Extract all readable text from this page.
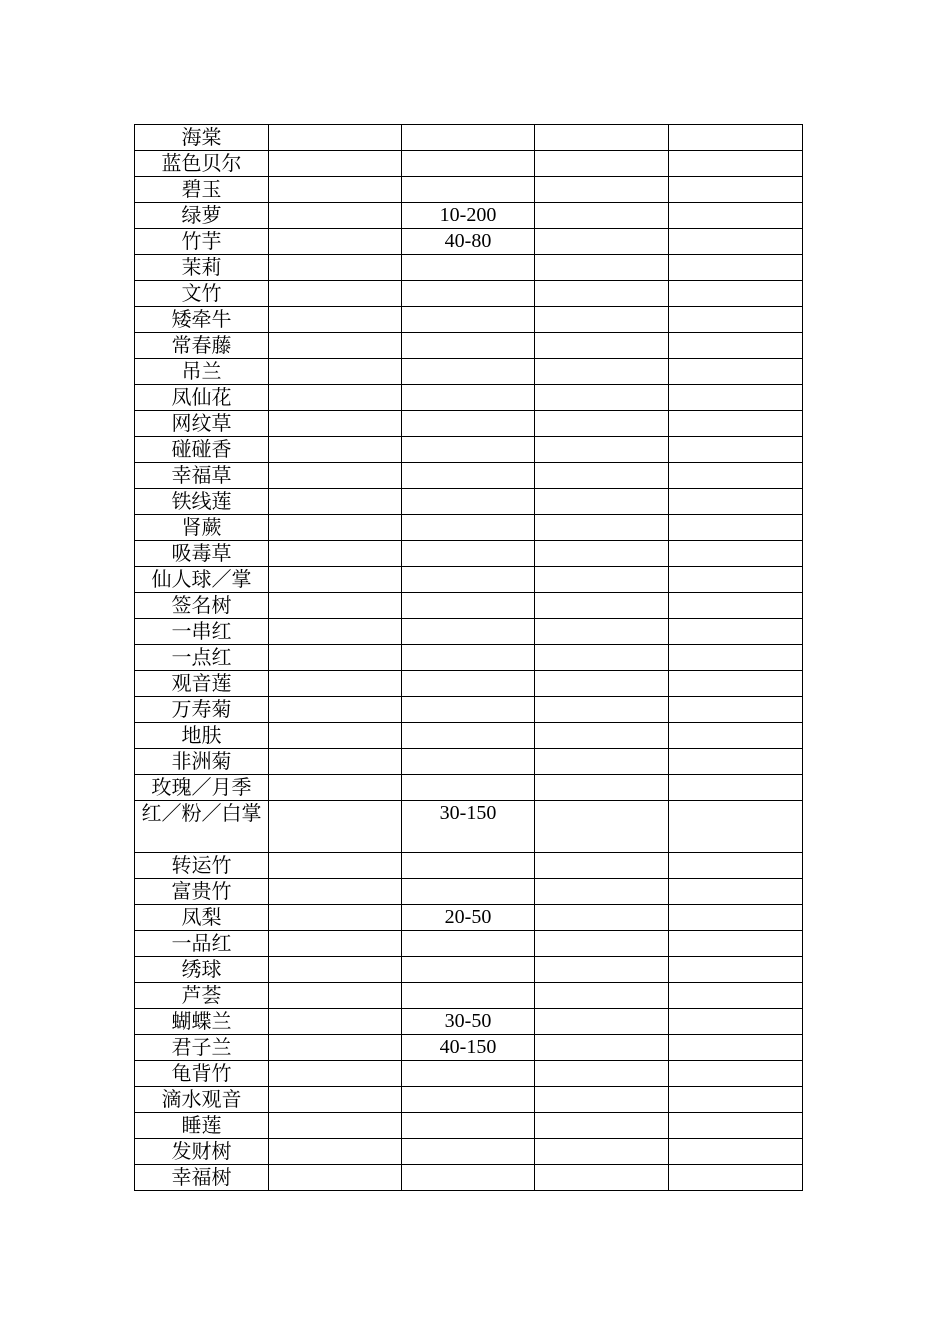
海棠				
蓝色贝尔				
碧玉				
绿萝		10-200		
竹芋		40-80		
茉莉				
文竹				
矮牵牛				
常春藤				
吊兰				
凤仙花				
网纹草				
碰碰香				
幸福草				
铁线莲				
肾蕨				
吸毒草				
仙人球／掌				
签名树				
一串红				
一点红				
观音莲				
万寿菊				
地肤				
非洲菊				
玫瑰／月季				
红／粉／白掌		30-150		
转运竹				
富贵竹				
凤梨		20-50		
一品红				
绣球				
芦荟				
蝴蝶兰		30-50		
君子兰		40-150		
龟背竹				
滴水观音				
睡莲				
发财树				
幸福树				
